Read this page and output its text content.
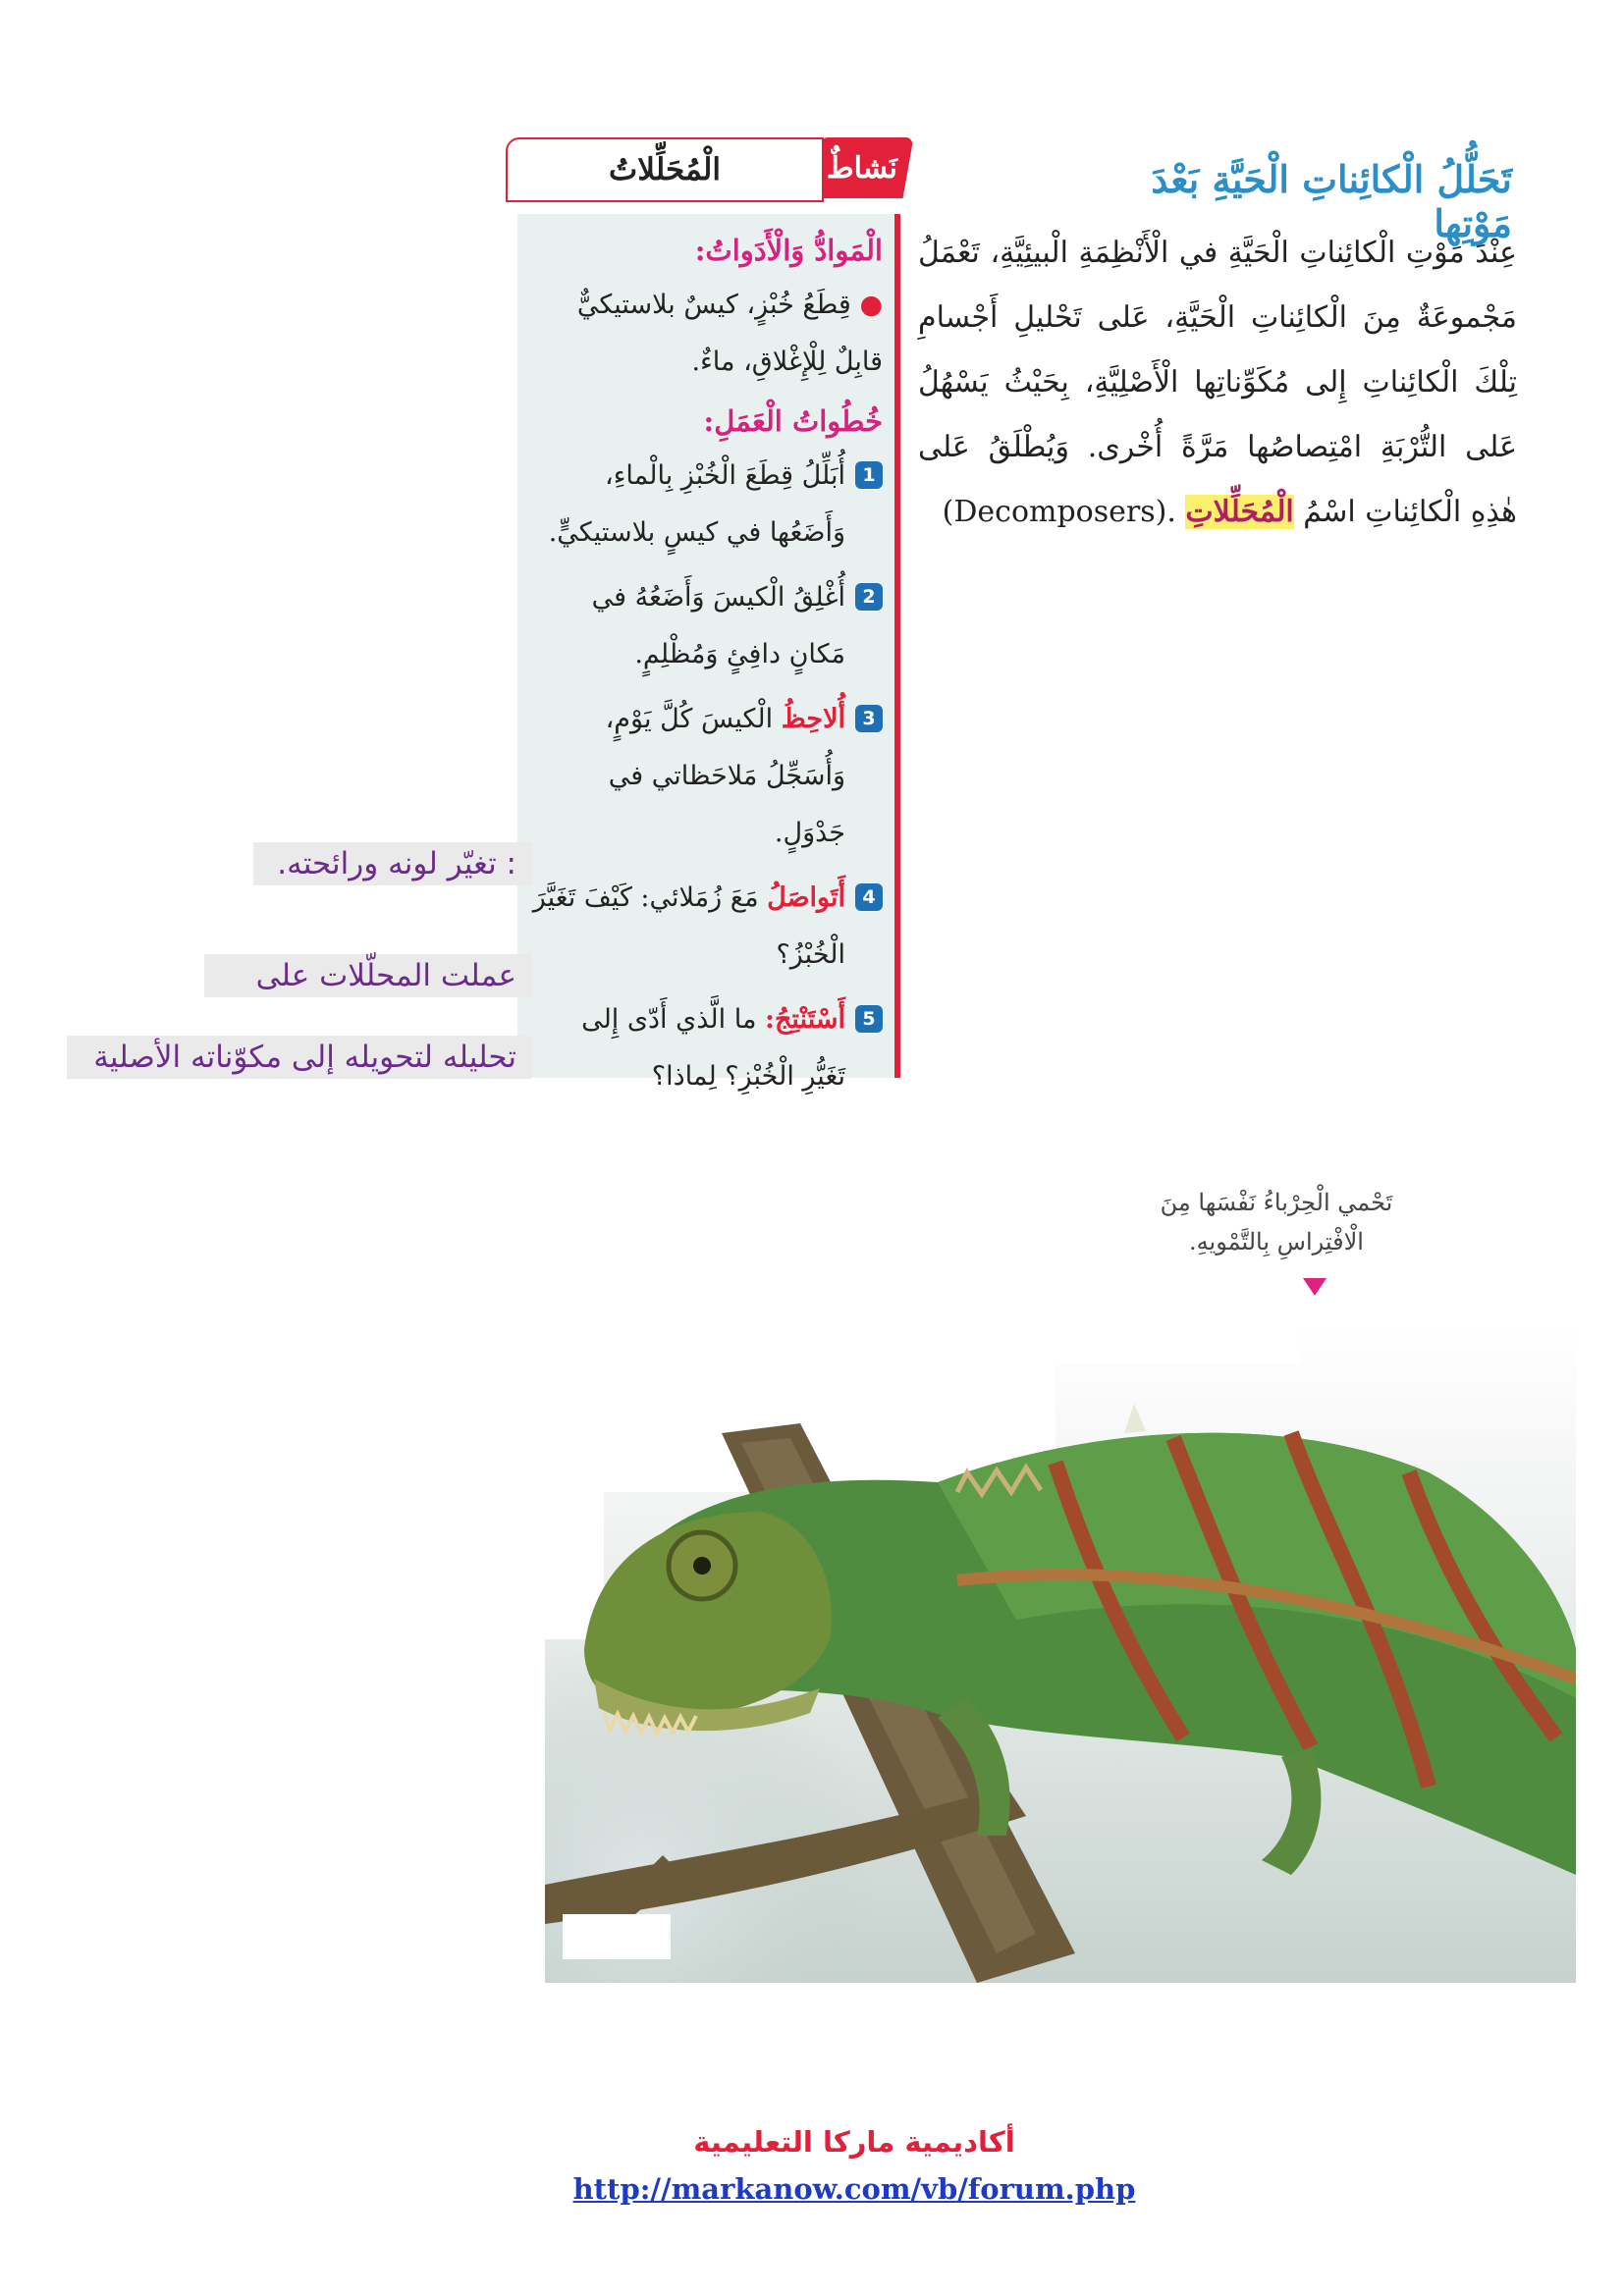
تَحَلُّلُ الْكائِناتِ الْحَيَّةِ بَعْدَ مَوْتِها
عِنْدَ مَوْتِ الْكائِناتِ الْحَيَّةِ في الْأَنْظِمَةِ الْبيئِيَّةِ، تَعْمَلُ مَجْموعَةٌ مِنَ الْكائِناتِ الْحَيَّةِ، عَلى تَحْليلِ أَجْسامِ تِلْكَ الْكائِناتِ إِلى مُكَوِّناتِها الْأَصْلِيَّةِ، بِحَيْثُ يَسْهُلُ عَلى التُّرْبَةِ امْتِصاصُها مَرَّةً أُخْرى. وَيُطْلَقُ عَلى هٰذِهِ الْكائِناتِ اسْمُ الْمُحَلِّلاتِ (Decomposers).
نَشاطٌ
الْمُحَلِّلاتُ
الْمَوادُّ وَالْأَدَواتُ:
● قِطَعُ خُبْزٍ، كيسٌ بلاستيكيٌّ قابِلٌ لِلْإِغْلاقِ، ماءٌ.
خُطُواتُ الْعَمَلِ:
1
أُبَلِّلُ قِطَعَ الْخُبْزِ بِالْماءِ، وَأَضَعُها في كيسٍ بلاستيكيٍّ.
2
أُغْلِقُ الْكيسَ وَأَضَعُهُ في مَكانٍ دافِئٍ وَمُظْلِمٍ.
3
أُلاحِظُ الْكيسَ كُلَّ يَوْمٍ، وَأُسَجِّلُ مَلاحَظاتي في جَدْوَلٍ.
4
أَتَواصَلُ مَعَ زُمَلائي: كَيْفَ تَغَيَّرَ الْخُبْزُ؟
5
أَسْتَنْتِجُ: ما الَّذي أَدّى إِلى تَغَيُّرِ الْخُبْزِ؟ لِماذا؟
: تغيّر لونه ورائحته.
عملت المحلّلات على
تحليله لتحويله إلى مكوّناته الأصلية
تَحْمي الْحِرْباءُ نَفْسَها مِنَ
الْافْتِراسِ بِالتَّمْويهِ.
أكاديمية ماركا التعليمية
http://markanow.com/vb/forum.php
